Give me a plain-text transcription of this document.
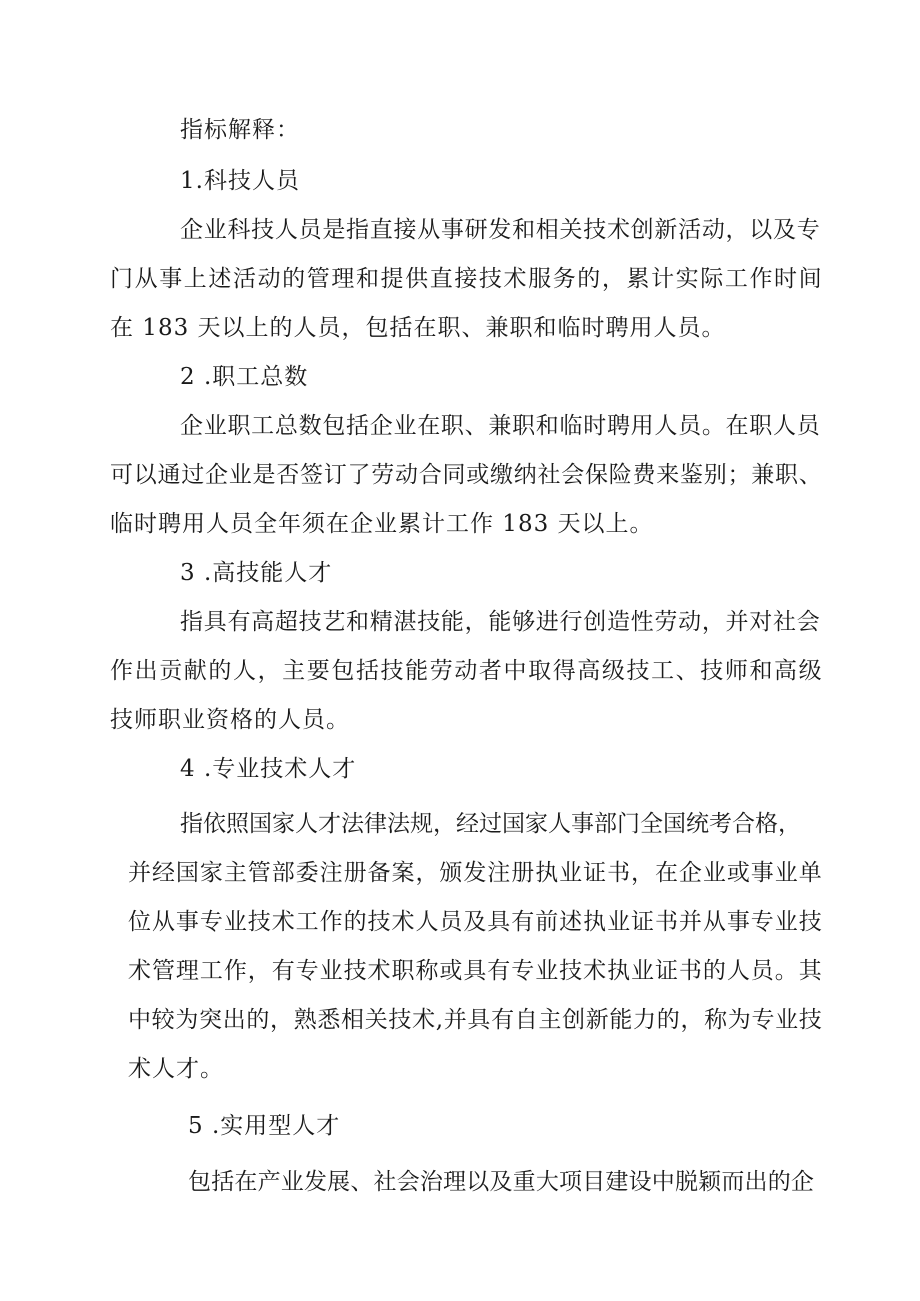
指标解释：

1.科技人员

企 业 科 技 人 员 是 指 直 接 从 事 研 发 和 相 关 技 术 创 新 活 动 ， 以 及 专

门 从 事 上 述 活 动 的 管 理 和 提 供 直 接 技 术 服 务 的 ， 累 计 实 际 工 作 时 间

在 183 天以上的人员，包括在职、兼职和临时聘用人员。

2 .职工总数

企 业 职 工 总 数 包 括 企 业 在 职 、 兼 职 和 临 时 聘 用 人 员 。 在 职 人 员

可 以 通 过 企 业 是 否 签 订 了 劳 动 合 同 或 缴 纳 社 会 保 险 费 来 鉴 别 ； 兼 职 、

临时聘用人员全年须在企业累计工作 183 天以上。

3 .高技能人才

指 具 有 高 超 技 艺 和 精 湛 技 能 ， 能 够 进 行 创 造 性 劳 动 ， 并 对 社 会

作 出 贡 献 的 人 ， 主 要 包 括 技 能 劳 动 者 中 取 得 高 级 技 工 、 技 师 和 高 级

技师职业资格的人员。

4 .专业技术人才

指 依 照 国 家 人 才 法 律 法 规 ， 经 过 国 家 人 事 部 门 全 国 统 考 合 格 ，

并 经 国 家 主 管 部 委 注 册 备 案 ， 颁 发 注 册 执 业 证 书 ， 在 企 业 或 事 业 单

位 从 事 专 业 技 术 工 作 的 技 术 人 员 及 具 有 前 述 执 业 证 书 并 从 事 专 业 技

术 管 理 工 作 ， 有 专 业 技 术 职 称 或 具 有 专 业 技 术 执 业 证 书 的 人 员 。 其

中 较 为 突 出 的 ， 熟 悉 相 关 技 术 , 并 具 有 自 主 创 新 能 力 的 ， 称 为 专 业 技

术人才。

5 .实用型人才

包 括 在 产 业 发 展 、 社 会 治 理 以 及 重 大 项 目 建 设 中 脱 颖 而 出 的 企
